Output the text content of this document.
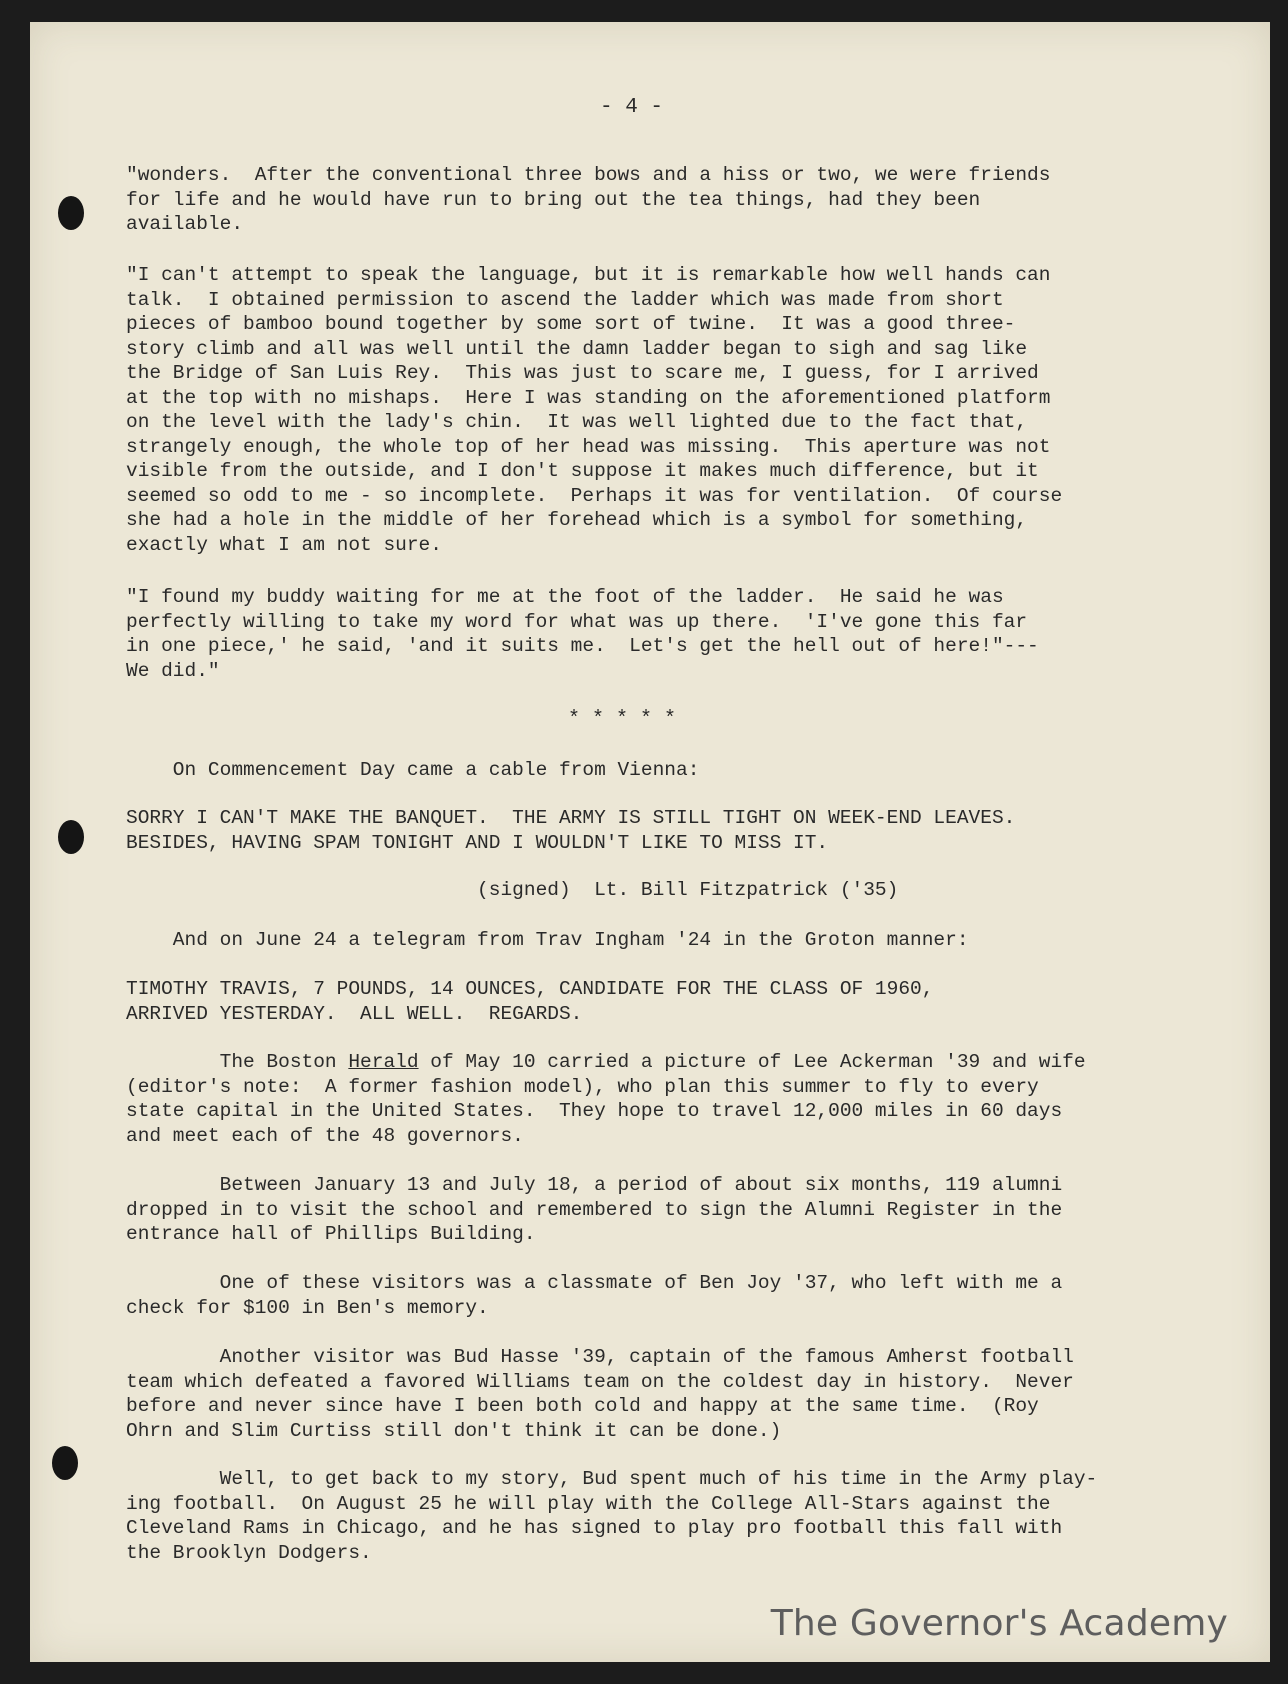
- 4 -

"wonders.  After the conventional three bows and a hiss or two, we were friends
for life and he would have run to bring out the tea things, had they been
available.

"I can't attempt to speak the language, but it is remarkable how well hands can
talk.  I obtained permission to ascend the ladder which was made from short
pieces of bamboo bound together by some sort of twine.  It was a good three-
story climb and all was well until the damn ladder began to sigh and sag like
the Bridge of San Luis Rey.  This was just to scare me, I guess, for I arrived
at the top with no mishaps.  Here I was standing on the aforementioned platform
on the level with the lady's chin.  It was well lighted due to the fact that,
strangely enough, the whole top of her head was missing.  This aperture was not
visible from the outside, and I don't suppose it makes much difference, but it
seemed so odd to me - so incomplete.  Perhaps it was for ventilation.  Of course
she had a hole in the middle of her forehead which is a symbol for something,
exactly what I am not sure.

"I found my buddy waiting for me at the foot of the ladder.  He said he was
perfectly willing to take my word for what was up there.  'I've gone this far
in one piece,' he said, 'and it suits me.  Let's get the hell out of here!"---
We did."

* * * * *

On Commencement Day came a cable from Vienna:

SORRY I CAN'T MAKE THE BANQUET.  THE ARMY IS STILL TIGHT ON WEEK-END LEAVES.
BESIDES, HAVING SPAM TONIGHT AND I WOULDN'T LIKE TO MISS IT.

(signed)  Lt. Bill Fitzpatrick ('35)

And on June 24 a telegram from Trav Ingham '24 in the Groton manner:

TIMOTHY TRAVIS, 7 POUNDS, 14 OUNCES, CANDIDATE FOR THE CLASS OF 1960,
ARRIVED YESTERDAY.  ALL WELL.  REGARDS.

The Boston Herald of May 10 carried a picture of Lee Ackerman '39 and wife
(editor's note:  A former fashion model), who plan this summer to fly to every
state capital in the United States.  They hope to travel 12,000 miles in 60 days
and meet each of the 48 governors.

Between January 13 and July 18, a period of about six months, 119 alumni
dropped in to visit the school and remembered to sign the Alumni Register in the
entrance hall of Phillips Building.

One of these visitors was a classmate of Ben Joy '37, who left with me a
check for $100 in Ben's memory.

Another visitor was Bud Hasse '39, captain of the famous Amherst football
team which defeated a favored Williams team on the coldest day in history.  Never
before and never since have I been both cold and happy at the same time.  (Roy
Ohrn and Slim Curtiss still don't think it can be done.)

Well, to get back to my story, Bud spent much of his time in the Army play-
ing football.  On August 25 he will play with the College All-Stars against the
Cleveland Rams in Chicago, and he has signed to play pro football this fall with
the Brooklyn Dodgers.

The Governor's Academy
